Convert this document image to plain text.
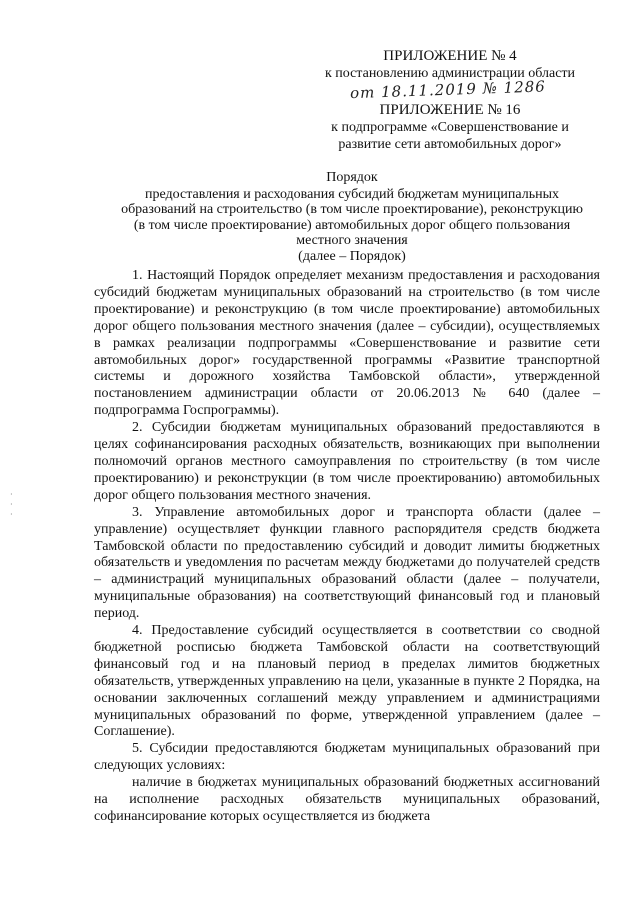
ПРИЛОЖЕНИЕ № 4
к постановлению администрации области
от 18.11.2019 № 1286
ПРИЛОЖЕНИЕ № 16
к подпрограмме «Совершенствование и
развитие сети автомобильных дорог»
Порядок
предоставления и расходования субсидий бюджетам муниципальных
образований на строительство (в том числе проектирование), реконструкцию
(в том числе проектирование) автомобильных дорог общего пользования
местного значения
(далее – Порядок)

1. Настоящий Порядок определяет механизм предоставления и расходования субсидий бюджетам муниципальных образований на строительство (в том числе проектирование) и реконструкцию (в том числе проектирование) автомобильных дорог общего пользования местного значения (далее – субсидии), осуществляемых в рамках реализации подпрограммы «Совершенствование и развитие сети автомобильных дорог» государственной программы «Развитие транспортной системы и дорожного хозяйства Тамбовской области», утвержденной постановлением администрации области от 20.06.2013 № 640 (далее – подпрограмма Госпрограммы).

2. Субсидии бюджетам муниципальных образований предоставляются в целях софинансирования расходных обязательств, возникающих при выполнении полномочий органов местного самоуправления по строительству (в том числе проектированию) и реконструкции (в том числе проектированию) автомобильных дорог общего пользования местного значения.

3. Управление автомобильных дорог и транспорта области (далее – управление) осуществляет функции главного распорядителя средств бюджета Тамбовской области по предоставлению субсидий и доводит лимиты бюджетных обязательств и уведомления по расчетам между бюджетами до получателей средств – администраций муниципальных образований области (далее – получатели, муниципальные образования) на соответствующий финансовый год и плановый период.

4. Предоставление субсидий осуществляется в соответствии со сводной бюджетной росписью бюджета Тамбовской области на соответствующий финансовый год и на плановый период в пределах лимитов бюджетных обязательств, утвержденных управлению на цели, указанные в пункте 2 Порядка, на основании заключенных соглашений между управлением и администрациями муниципальных образований по форме, утвержденной управлением (далее – Соглашение).

5. Субсидии предоставляются бюджетам муниципальных образований при следующих условиях:

наличие в бюджетах муниципальных образований бюджетных ассигнований на исполнение расходных обязательств муниципальных образований, софинансирование которых осуществляется из бюджета

·
·
·
